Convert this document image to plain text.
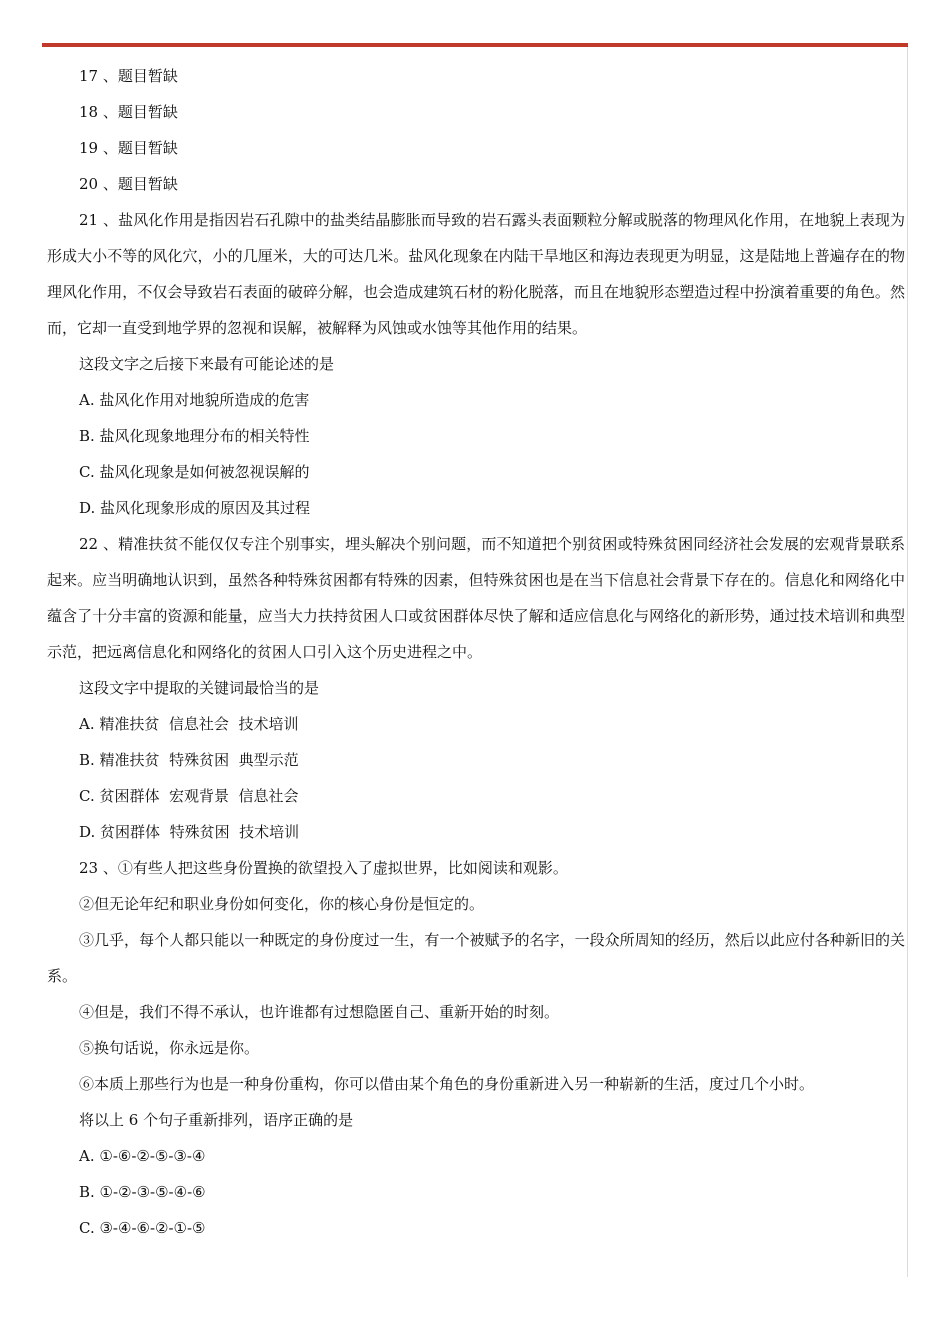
17 、题目暂缺

18 、题目暂缺

19 、题目暂缺

20 、题目暂缺

21 、盐风化作用是指因岩石孔隙中的盐类结晶膨胀而导致的岩石露头表面颗粒分解或脱落的物理风化作用，在地貌上表现为形成大小不等的风化穴，小的几厘米，大的可达几米。盐风化现象在内陆干旱地区和海边表现更为明显，这是陆地上普遍存在的物理风化作用，不仅会导致岩石表面的破碎分解，也会造成建筑石材的粉化脱落，而且在地貌形态塑造过程中扮演着重要的角色。然而，它却一直受到地学界的忽视和误解，被解释为风蚀或水蚀等其他作用的结果。

这段文字之后接下来最有可能论述的是

A. 盐风化作用对地貌所造成的危害

B. 盐风化现象地理分布的相关特性

C. 盐风化现象是如何被忽视误解的

D. 盐风化现象形成的原因及其过程

22 、精准扶贫不能仅仅专注个别事实，埋头解决个别问题，而不知道把个别贫困或特殊贫困同经济社会发展的宏观背景联系起来。应当明确地认识到，虽然各种特殊贫困都有特殊的因素，但特殊贫困也是在当下信息社会背景下存在的。信息化和网络化中蕴含了十分丰富的资源和能量，应当大力扶持贫困人口或贫困群体尽快了解和适应信息化与网络化的新形势，通过技术培训和典型示范，把远离信息化和网络化的贫困人口引入这个历史进程之中。

这段文字中提取的关键词最恰当的是

A. 精准扶贫  信息社会  技术培训

B. 精准扶贫  特殊贫困  典型示范

C. 贫困群体  宏观背景  信息社会

D. 贫困群体  特殊贫困  技术培训

23 、①有些人把这些身份置换的欲望投入了虚拟世界，比如阅读和观影。

②但无论年纪和职业身份如何变化，你的核心身份是恒定的。

③几乎，每个人都只能以一种既定的身份度过一生，有一个被赋予的名字，一段众所周知的经历，然后以此应付各种新旧的关系。

④但是，我们不得不承认，也许谁都有过想隐匿自己、重新开始的时刻。

⑤换句话说，你永远是你。

⑥本质上那些行为也是一种身份重构，你可以借由某个角色的身份重新进入另一种崭新的生活，度过几个小时。

将以上 6 个句子重新排列，语序正确的是

A. ①-⑥-②-⑤-③-④

B. ①-②-③-⑤-④-⑥

C. ③-④-⑥-②-①-⑤
